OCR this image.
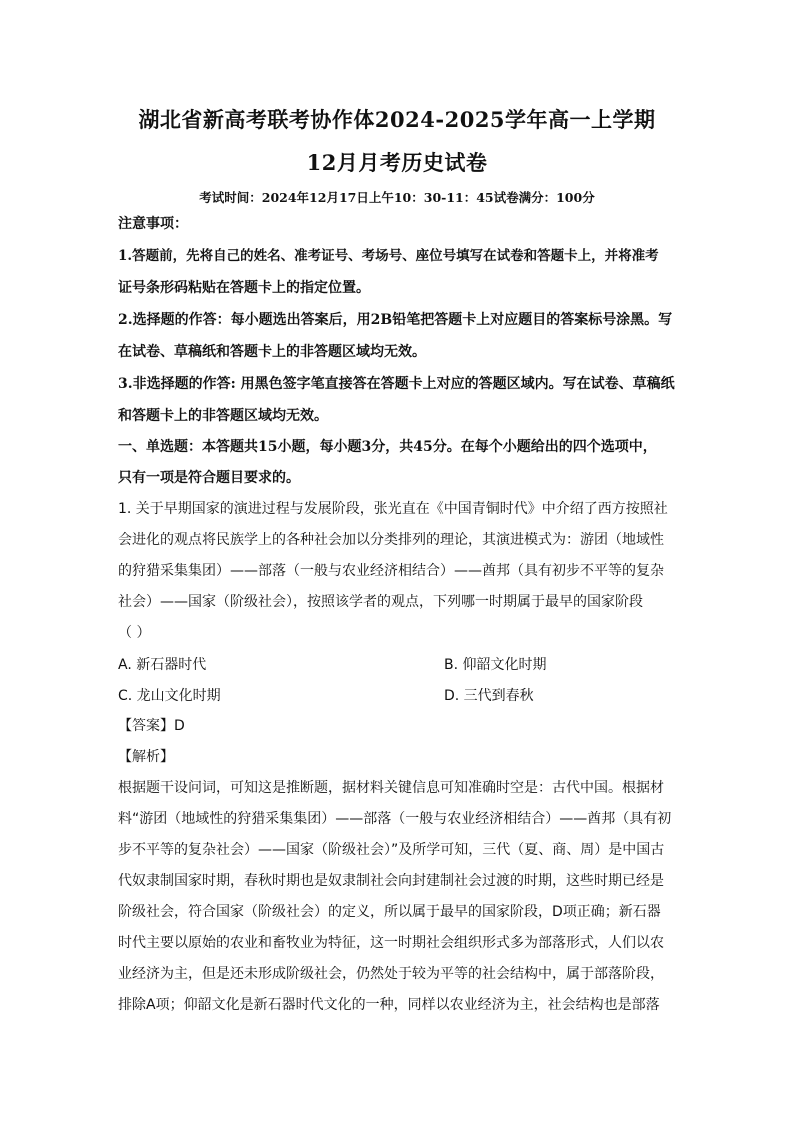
湖北省新高考联考协作体2024-2025学年高一上学期
12月月考历史试卷
考试时间：2024年12月17日上午10：30-11：45试卷满分：100分
注意事项：
1.答题前，先将自己的姓名、准考证号、考场号、座位号填写在试卷和答题卡上，并将准考
证号条形码粘贴在答题卡上的指定位置。
2.选择题的作答：每小题选出答案后，用2B铅笔把答题卡上对应题目的答案标号涂黑。写
在试卷、草稿纸和答题卡上的非答题区域均无效。
3.非选择题的作答: 用黑色签字笔直接答在答题卡上对应的答题区域内。写在试卷、草稿纸
和答题卡上的非答题区域均无效。
一、单选题：本答题共15小题，每小题3分，共45分。在每个小题给出的四个选项中，
只有一项是符合题目要求的。
1. 关于早期国家的演进过程与发展阶段，张光直在《中国青铜时代》中介绍了西方按照社
会进化的观点将民族学上的各种社会加以分类排列的理论，其演进模式为：游团（地域性
的狩猎采集集团）——部落（一般与农业经济相结合）——酋邦（具有初步不平等的复杂
社会）——国家（阶级社会），按照该学者的观点，下列哪一时期属于最早的国家阶段
（ ）
A. 新石器时代	B. 仰韶文化时期
C. 龙山文化时期	D. 三代到春秋
【答案】D
【解析】
根据题干设问词，可知这是推断题，据材料关键信息可知准确时空是：古代中国。根据材
料“游团（地域性的狩猎采集集团）——部落（一般与农业经济相结合）——酋邦（具有初
步不平等的复杂社会）——国家（阶级社会）”及所学可知，三代（夏、商、周）是中国古
代奴隶制国家时期，春秋时期也是奴隶制社会向封建制社会过渡的时期，这些时期已经是
阶级社会，符合国家（阶级社会）的定义，所以属于最早的国家阶段，D项正确；新石器
时代主要以原始的农业和畜牧业为特征，这一时期社会组织形式多为部落形式，人们以农
业经济为主，但是还未形成阶级社会，仍然处于较为平等的社会结构中，属于部落阶段，
排除A项；仰韶文化是新石器时代文化的一种，同样以农业经济为主，社会结构也是部落
